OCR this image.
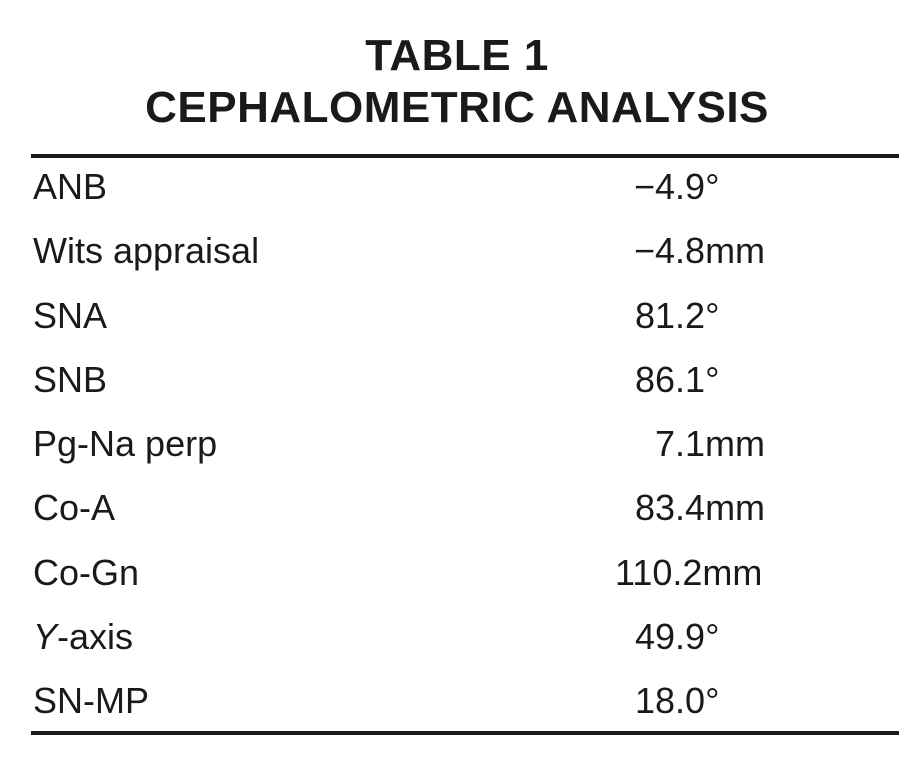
TABLE 1
CEPHALOMETRIC ANALYSIS
ANB	−4.9°
Wits appraisal	−4.8mm
SNA	81.2°
SNB	86.1°
Pg-Na perp	7.1mm
Co-A	83.4mm
Co-Gn	110.2mm
Y-axis	49.9°
SN-MP	18.0°
